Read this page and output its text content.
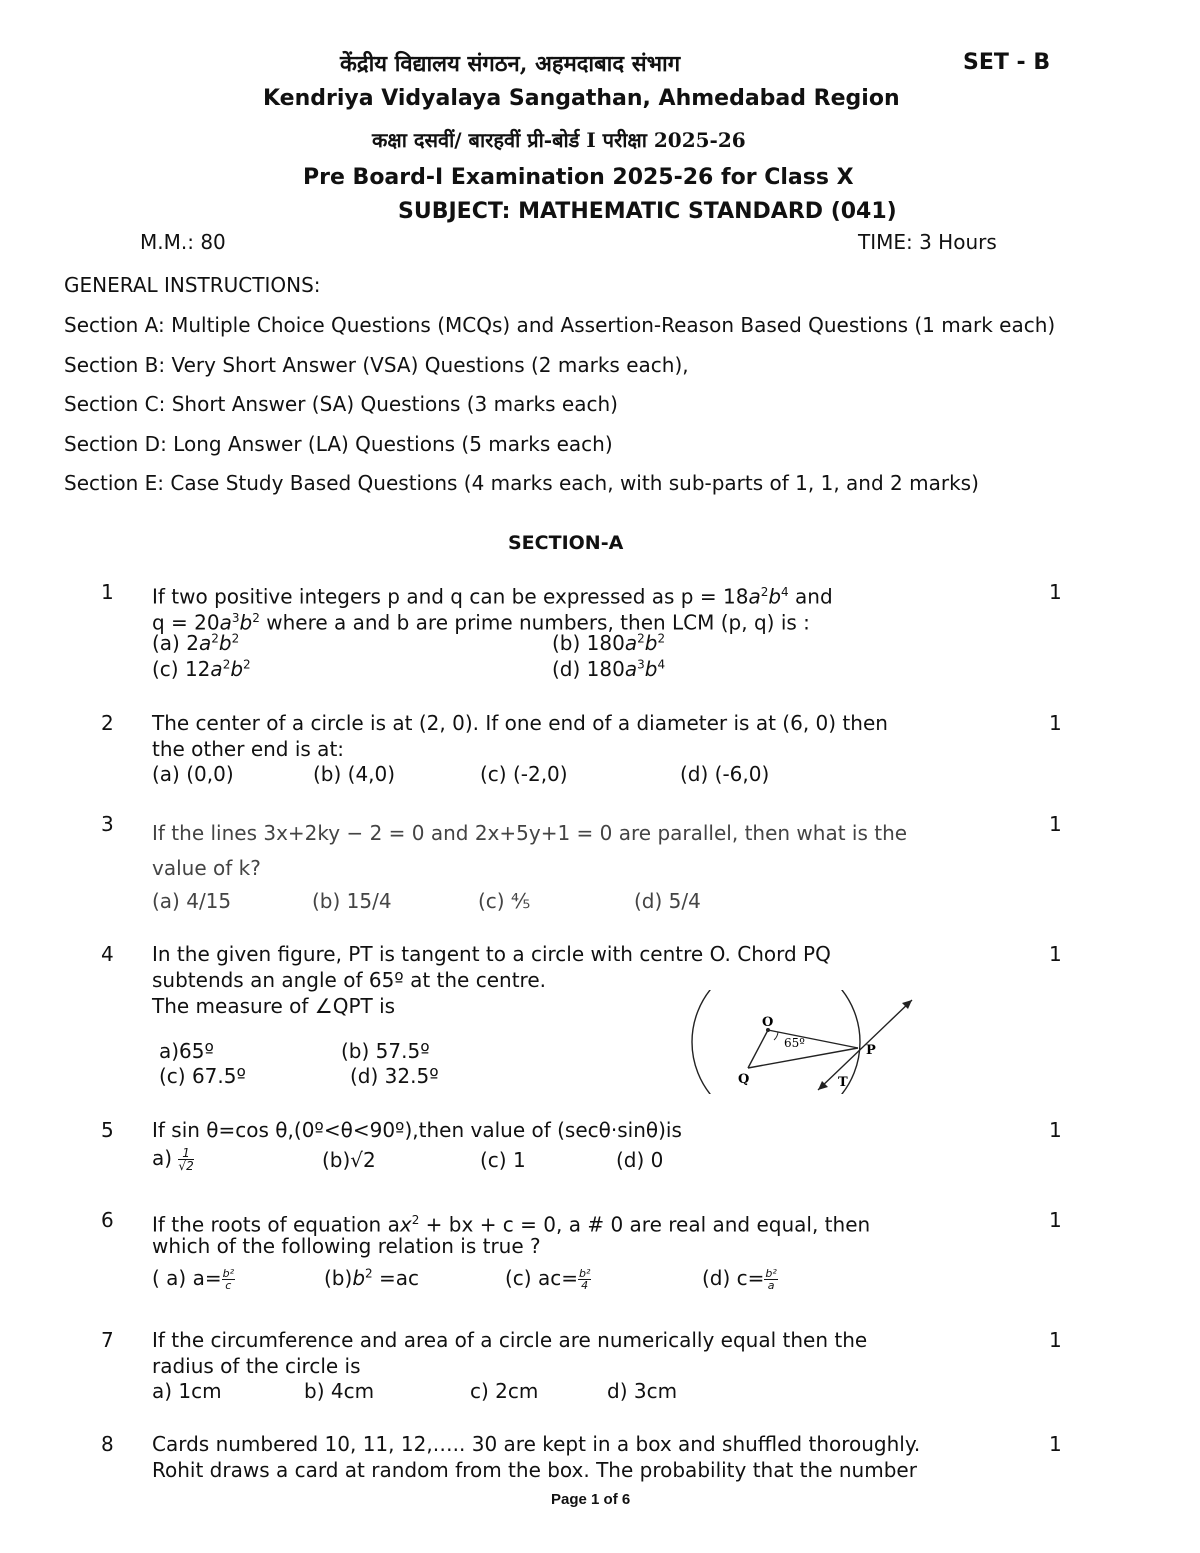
केंद्रीय विद्यालय संगठन, अहमदाबाद संभाग	SET - B
Kendriya Vidyalaya Sangathan, Ahmedabad Region
कक्षा दसवीं/ बारहवीं प्री-बोर्ड I परीक्षा 2025-26
Pre Board-I Examination 2025-26 for Class X
SUBJECT: MATHEMATIC STANDARD (041)
M.M.: 80	TIME: 3 Hours
GENERAL INSTRUCTIONS:
Section A: Multiple Choice Questions (MCQs) and Assertion-Reason Based Questions (1 mark each)
Section B: Very Short Answer (VSA) Questions (2 marks each),
Section C: Short Answer (SA) Questions (3 marks each)
Section D: Long Answer (LA) Questions (5 marks each)
Section E: Case Study Based Questions (4 marks each, with sub-parts of 1, 1, and 2 marks)
SECTION-A
1	1
If two positive integers p and q can be expressed as $p = 18a^2b^4$ and
$q = 20a^3b^2$ where a and b are prime numbers, then LCM (p, q) is :
(a) $2a^2b^2$	(b) $180a^2b^2$
(c) $12a^2b^2$	(d) $180a^3b^4$
2	1
The center of a circle is at (2, 0). If one end of a diameter is at (6, 0) then
the other end is at:
(a) (0,0)	(b) (4,0)	(c) (-2,0)	(d) (-6,0)
3	1
If the lines 3x+2ky − 2 = 0 and 2x+5y+1 = 0 are parallel, then what is the
value of k?
(a) 4/15	(b) 15/4	(c) ⅘	(d) 5/4
4	1
In the given figure, PT is tangent to a circle with centre O. Chord PQ
subtends an angle of 65º at the centre.
The measure of ∠QPT is
a)65º	(b) 57.5º
(c) 67.5º	(d) 32.5º
O
P
Q	T
65º
5	1
If sin θ=cos θ,(0º<θ<90º),then value of (secθ·sinθ)is
$a) \frac{1}{√2}$	(b)√2	(c) 1	(d) 0
6	1
If the roots of equation $ax^2$ + bx + c = 0, a # 0 are real and equal, then
which of the following relation is true ?
( a) $a= \frac{\text{b²}}{c}$	$(b)b^2 =ac$	(c) $ac= \frac{\text{b²}}{4}$	(d) $c= \frac{\text{b²}}{a}$
7	1
If the circumference and area of a circle are numerically equal then the
radius of the circle is
a) 1cm	b) 4cm	c) 2cm	d) 3cm
8	1
Cards numbered 10, 11, 12,….. 30 are kept in a box and shuffled thoroughly.
Rohit draws a card at random from the box. The probability that the number
Page 1 of 6
